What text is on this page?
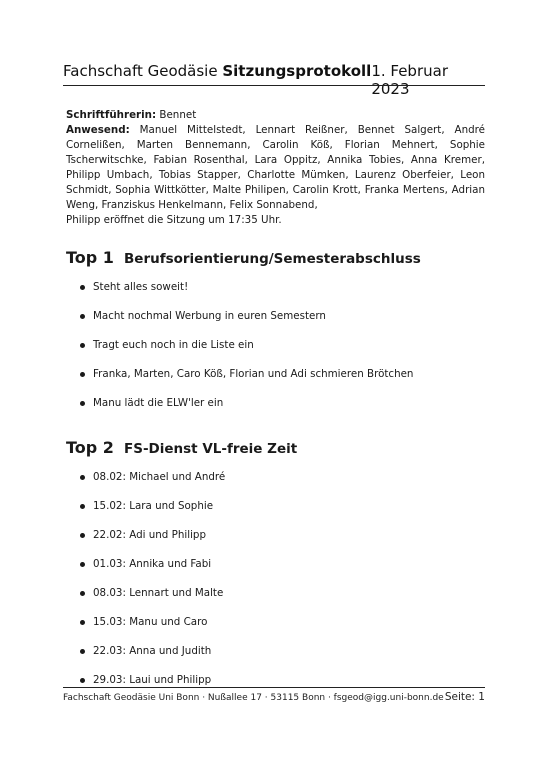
Fachschaft Geodäsie Sitzungsprotokoll 1. Februar 2023

Schriftführerin: Bennet

Anwesend: Manuel Mittelstedt, Lennart Reißner, Bennet Salgert, André Cornelißen, Marten Bennemann, Carolin Köß, Florian Mehnert, Sophie Tscherwitschke, Fabian Rosenthal, Lara Oppitz, Annika Tobies, Anna Kremer, Philipp Umbach, Tobias Stapper, Charlotte Mümken, Laurenz Oberfeier, Leon Schmidt, Sophia Wittkötter, Malte Philipen, Carolin Krott, Franka Mertens, Adrian Weng, Franziskus Henkelmann, Felix Sonnabend,

Philipp eröffnet die Sitzung um 17:35 Uhr.

Top 1 Berufsorientierung/Semesterabschluss
Steht alles soweit!
Macht nochmal Werbung in euren Semestern
Tragt euch noch in die Liste ein
Franka, Marten, Caro Köß, Florian und Adi schmieren Brötchen
Manu lädt die ELW'ler ein
Top 2 FS-Dienst VL-freie Zeit
08.02: Michael und André
15.02: Lara und Sophie
22.02: Adi und Philipp
01.03: Annika und Fabi
08.03: Lennart und Malte
15.03: Manu und Caro
22.03: Anna und Judith
29.03: Laui und Philipp
Fachschaft Geodäsie Uni Bonn · Nußallee 17 · 53115 Bonn · fsgeod@igg.uni-bonn.de Seite: 1
